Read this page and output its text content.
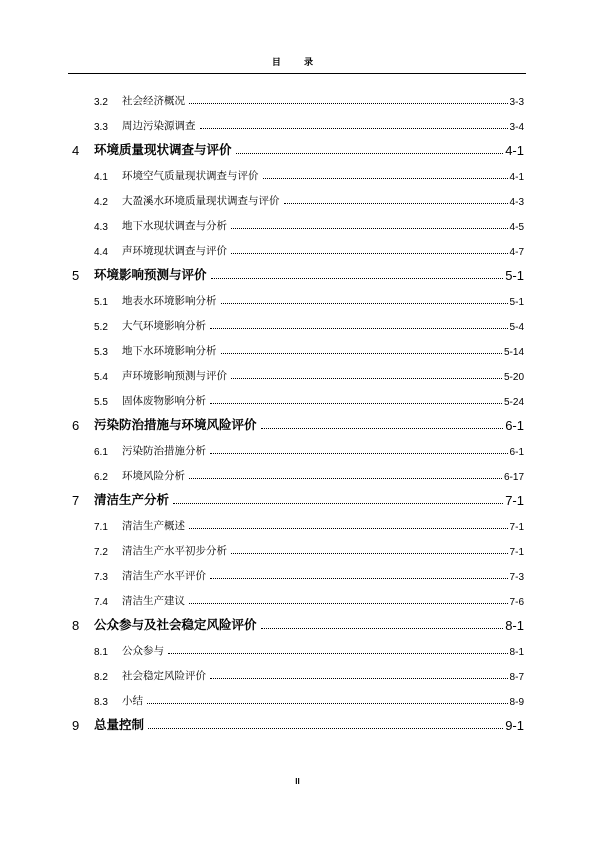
目 录
3.2	社会经济概况	3-3
3.3	周边污染源调查	3-4
4	环境质量现状调查与评价	4-1
4.1	环境空气质量现状调查与评价	4-1
4.2	大盈溪水环境质量现状调查与评价	4-3
4.3	地下水现状调查与分析	4-5
4.4	声环境现状调查与评价	4-7
5	环境影响预测与评价	5-1
5.1	地表水环境影响分析	5-1
5.2	大气环境影响分析	5-4
5.3	地下水环境影响分析	5-14
5.4	声环境影响预测与评价	5-20
5.5	固体废物影响分析	5-24
6	污染防治措施与环境风险评价	6-1
6.1	污染防治措施分析	6-1
6.2	环境风险分析	6-17
7	清洁生产分析	7-1
7.1	清洁生产概述	7-1
7.2	清洁生产水平初步分析	7-1
7.3	清洁生产水平评价	7-3
7.4	清洁生产建议	7-6
8	公众参与及社会稳定风险评价	8-1
8.1	公众参与	8-1
8.2	社会稳定风险评价	8-7
8.3	小结	8-9
9	总量控制	9-1
II
